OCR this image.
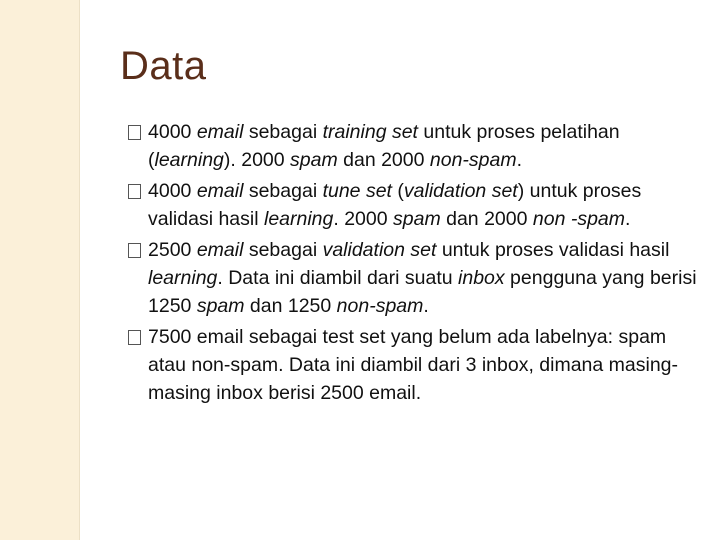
Data
4000 email sebagai training set untuk proses pelatihan (learning). 2000 spam dan 2000 non-spam.
4000 email sebagai tune set (validation set) untuk proses validasi hasil learning. 2000 spam dan 2000 non -spam.
2500 email sebagai validation set untuk proses validasi hasil learning. Data ini diambil dari suatu inbox pengguna yang berisi 1250 spam dan 1250 non-spam.
7500 email sebagai test set yang belum ada labelnya: spam atau non-spam. Data ini diambil dari 3 inbox, dimana masing-masing inbox berisi 2500 email.
